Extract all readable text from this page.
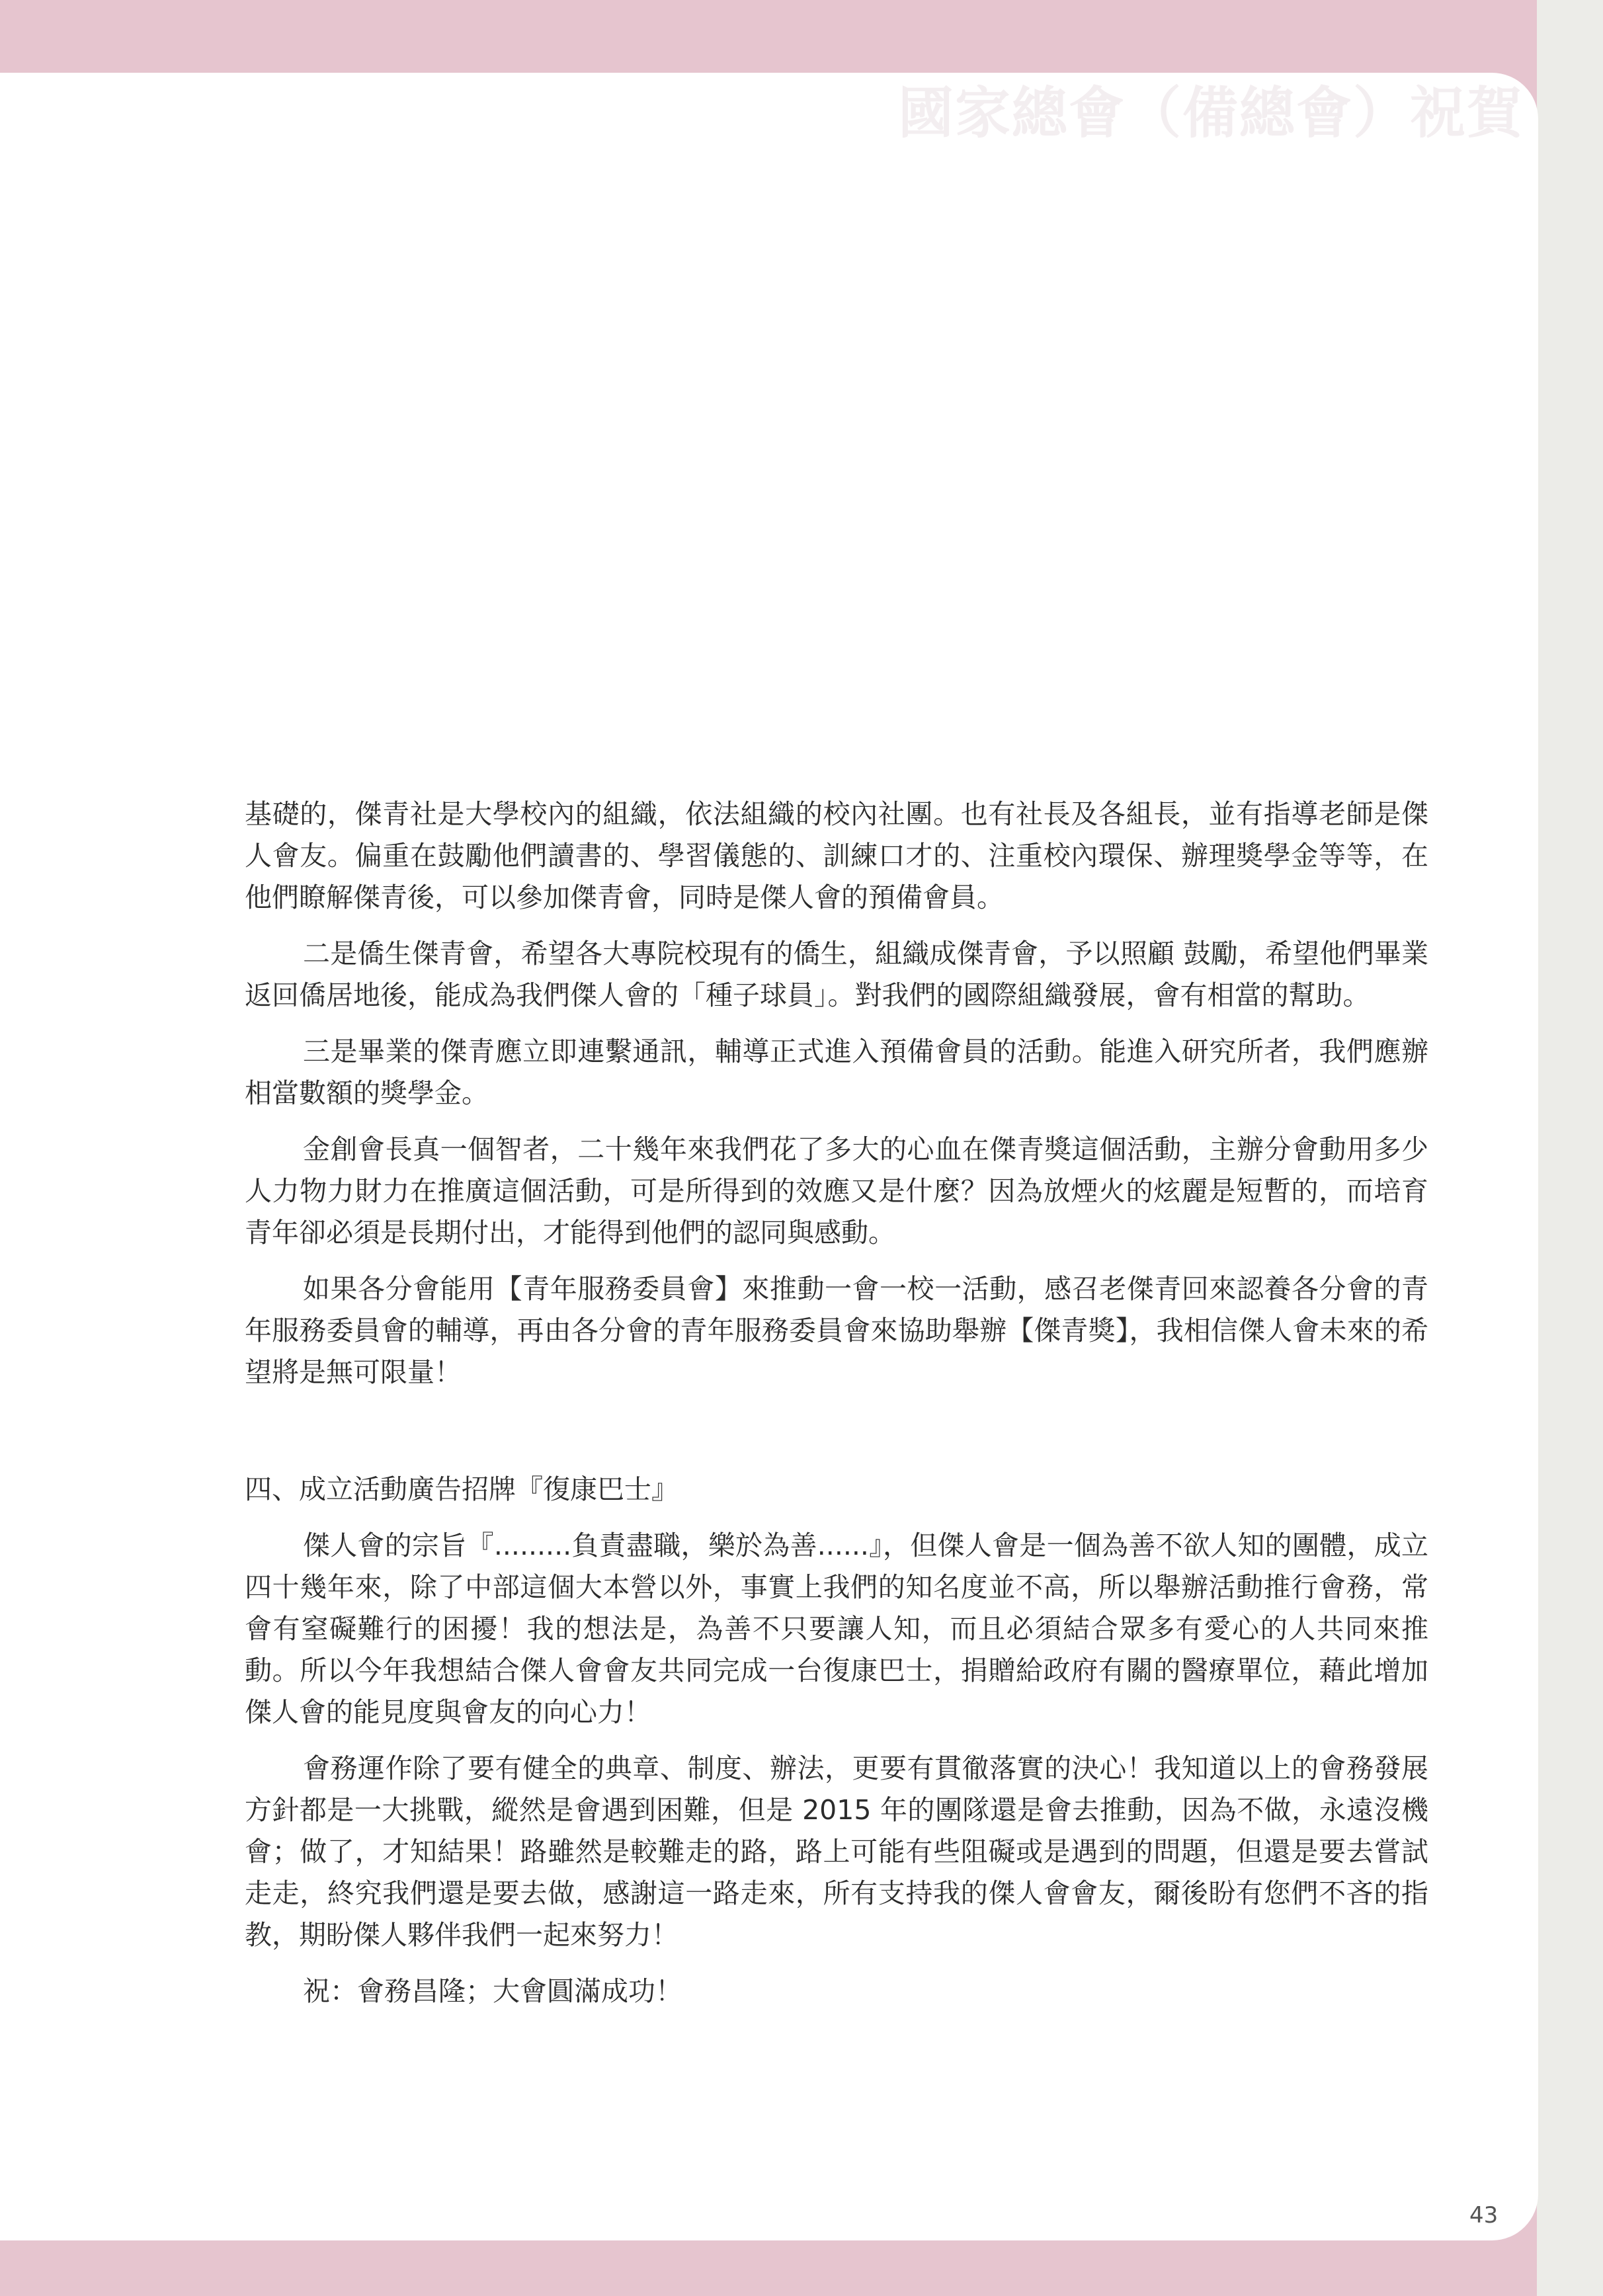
國家總會（備總會）祝賀

基礎的，傑青社是大學校內的組織，依法組織的校內社團。也有社長及各組長，並有指導老師是傑人會友。偏重在鼓勵他們讀書的、學習儀態的、訓練口才的、注重校內環保、辦理獎學金等等，在他們瞭解傑青後，可以參加傑青會，同時是傑人會的預備會員。

二是僑生傑青會，希望各大專院校現有的僑生，組織成傑青會，予以照顧 鼓勵，希望他們畢業返回僑居地後，能成為我們傑人會的「種子球員」。對我們的國際組織發展，會有相當的幫助。

三是畢業的傑青應立即連繫通訊，輔導正式進入預備會員的活動。能進入研究所者，我們應辦相當數額的獎學金。

金創會長真一個智者，二十幾年來我們花了多大的心血在傑青獎這個活動，主辦分會動用多少人力物力財力在推廣這個活動，可是所得到的效應又是什麼？因為放煙火的炫麗是短暫的，而培育青年卻必須是長期付出，才能得到他們的認同與感動。

如果各分會能用【青年服務委員會】來推動一會一校一活動，感召老傑青回來認養各分會的青年服務委員會的輔導，再由各分會的青年服務委員會來協助舉辦【傑青獎】，我相信傑人會未來的希望將是無可限量！

四、成立活動廣告招牌『復康巴士』

傑人會的宗旨『.........負責盡職，樂於為善......』，但傑人會是一個為善不欲人知的團體，成立四十幾年來，除了中部這個大本營以外，事實上我們的知名度並不高，所以舉辦活動推行會務，常會有窒礙難行的困擾！我的想法是，為善不只要讓人知，而且必須結合眾多有愛心的人共同來推動。所以今年我想結合傑人會會友共同完成一台復康巴士，捐贈給政府有關的醫療單位，藉此增加傑人會的能見度與會友的向心力！

會務運作除了要有健全的典章、制度、辦法，更要有貫徹落實的決心！我知道以上的會務發展方針都是一大挑戰，縱然是會遇到困難，但是 2015 年的團隊還是會去推動，因為不做，永遠沒機會；做了，才知結果！路雖然是較難走的路，路上可能有些阻礙或是遇到的問題，但還是要去嘗試走走，終究我們還是要去做，感謝這一路走來，所有支持我的傑人會會友，爾後盼有您們不吝的指教，期盼傑人夥伴我們一起來努力！

祝：會務昌隆；大會圓滿成功！

43
